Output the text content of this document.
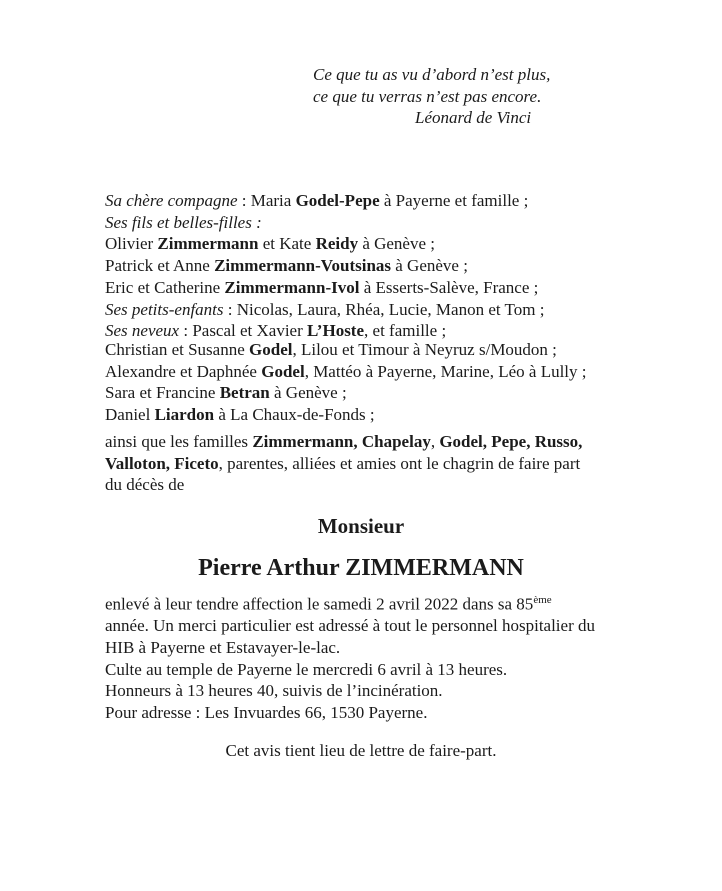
Ce que tu as vu d’abord n’est plus,
ce que tu verras n’est pas encore.
Léonard de Vinci
Sa chère compagne : Maria Godel-Pepe à Payerne et famille ;
Ses fils et belles-filles :
Olivier Zimmermann et Kate Reidy à Genève ;
Patrick et Anne Zimmermann-Voutsinas à Genève ;
Eric et Catherine Zimmermann-Ivol à Esserts-Salève, France ;
Ses petits-enfants : Nicolas, Laura, Rhéa, Lucie, Manon et Tom ;
Ses neveux : Pascal et Xavier L’Hoste, et famille ;
Christian et Susanne Godel, Lilou et Timour à Neyruz s/Moudon ;
Alexandre et Daphnée Godel, Mattéo à Payerne, Marine, Léo à Lully ;
Sara et Francine Betran à Genève ;
Daniel Liardon à La Chaux-de-Fonds ;
ainsi que les familles Zimmermann, Chapelay, Godel, Pepe, Russo,
Valloton, Ficeto, parentes, alliées et amies ont le chagrin de faire part
du décès de
Monsieur
Pierre Arthur ZIMMERMANN
enlevé à leur tendre affection le samedi 2 avril 2022 dans sa 85ème
année. Un merci particulier est adressé à tout le personnel hospitalier du
HIB à Payerne et Estavayer-le-lac.
Culte au temple de Payerne le mercredi 6 avril à 13 heures.
Honneurs à 13 heures 40, suivis de l’incinération.
Pour adresse : Les Invuardes 66, 1530 Payerne.
Cet avis tient lieu de lettre de faire-part.
